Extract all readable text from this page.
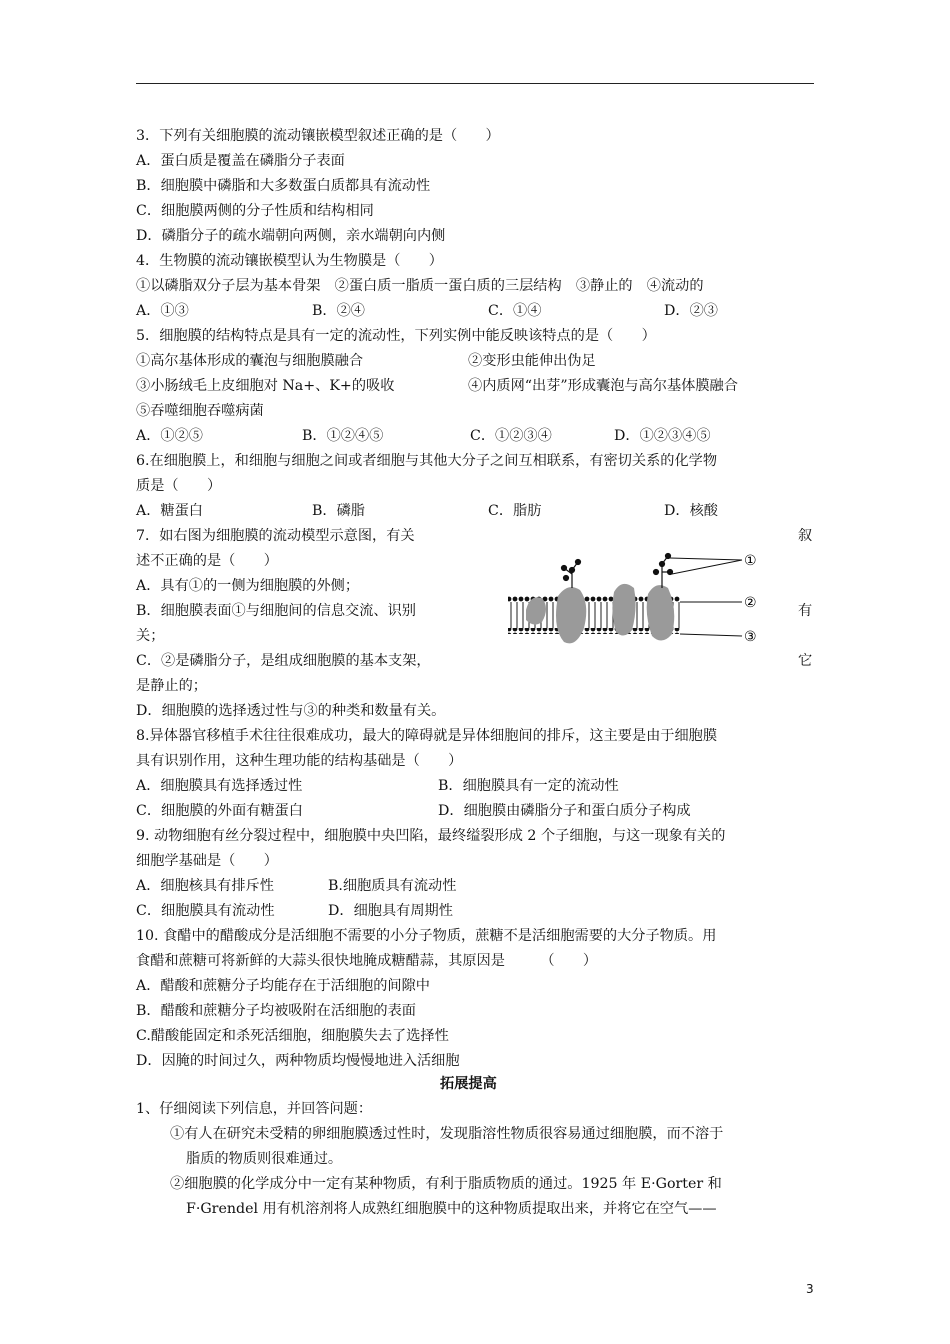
3．下列有关细胞膜的流动镶嵌模型叙述正确的是（　　）
A．蛋白质是覆盖在磷脂分子表面
B．细胞膜中磷脂和大多数蛋白质都具有流动性
C．细胞膜两侧的分子性质和结构相同
D．磷脂分子的疏水端朝向两侧，亲水端朝向内侧
4．生物膜的流动镶嵌模型认为生物膜是（　　）
①以磷脂双分子层为基本骨架　②蛋白质一脂质一蛋白质的三层结构　③静止的　④流动的
A．①③	B．②④	C．①④	D．②③
5．细胞膜的结构特点是具有一定的流动性，下列实例中能反映该特点的是（　　）
①高尔基体形成的囊泡与细胞膜融合	②变形虫能伸出伪足
③小肠绒毛上皮细胞对 Na+、K+的吸收	④内质网“出芽”形成囊泡与高尔基体膜融合
⑤吞噬细胞吞噬病菌
A．①②⑤	B．①②④⑤	C．①②③④	D．①②③④⑤
6.在细胞膜上，和细胞与细胞之间或者细胞与其他大分子之间互相联系，有密切关系的化学物
质是（　　）
A．糖蛋白	B．磷脂	C．脂肪	D．核酸
7．如右图为细胞膜的流动模型示意图，有关	叙
述不正确的是（　　）
A．具有①的一侧为细胞膜的外侧；
B．细胞膜表面①与细胞间的信息交流、识别	有
关；
C．②是磷脂分子，是组成细胞膜的基本支架，	它
是静止的；
D．细胞膜的选择透过性与③的种类和数量有关。
①
②
③
8.异体器官移植手术往往很难成功，最大的障碍就是异体细胞间的排斥，这主要是由于细胞膜
具有识别作用，这种生理功能的结构基础是（　　）
A．细胞膜具有选择透过性	B．细胞膜具有一定的流动性
C．细胞膜的外面有糖蛋白	D．细胞膜由磷脂分子和蛋白质分子构成
9. 动物细胞有丝分裂过程中，细胞膜中央凹陷，最终缢裂形成 2 个子细胞，与这一现象有关的
细胞学基础是（　　）
A．细胞核具有排斥性	B.细胞质具有流动性
C．细胞膜具有流动性	D．细胞具有周期性
10. 食醋中的醋酸成分是活细胞不需要的小分子物质，蔗糖不是活细胞需要的大分子物质。用
食醋和蔗糖可将新鲜的大蒜头很快地腌成糖醋蒜，其原因是　　　（　　）
A．醋酸和蔗糖分子均能存在于活细胞的间隙中
B．醋酸和蔗糖分子均被吸附在活细胞的表面
C.醋酸能固定和杀死活细胞，细胞膜失去了选择性
D．因腌的时间过久，两种物质均慢慢地进入活细胞
拓展提高
1、仔细阅读下列信息，并回答问题：
①有人在研究未受精的卵细胞膜透过性时，发现脂溶性物质很容易通过细胞膜，而不溶于
脂质的物质则很难通过。
②细胞膜的化学成分中一定有某种物质，有利于脂质物质的通过。1925 年 E·Gorter 和
F·Grendel 用有机溶剂将人成熟红细胞膜中的这种物质提取出来，并将它在空气——
3
